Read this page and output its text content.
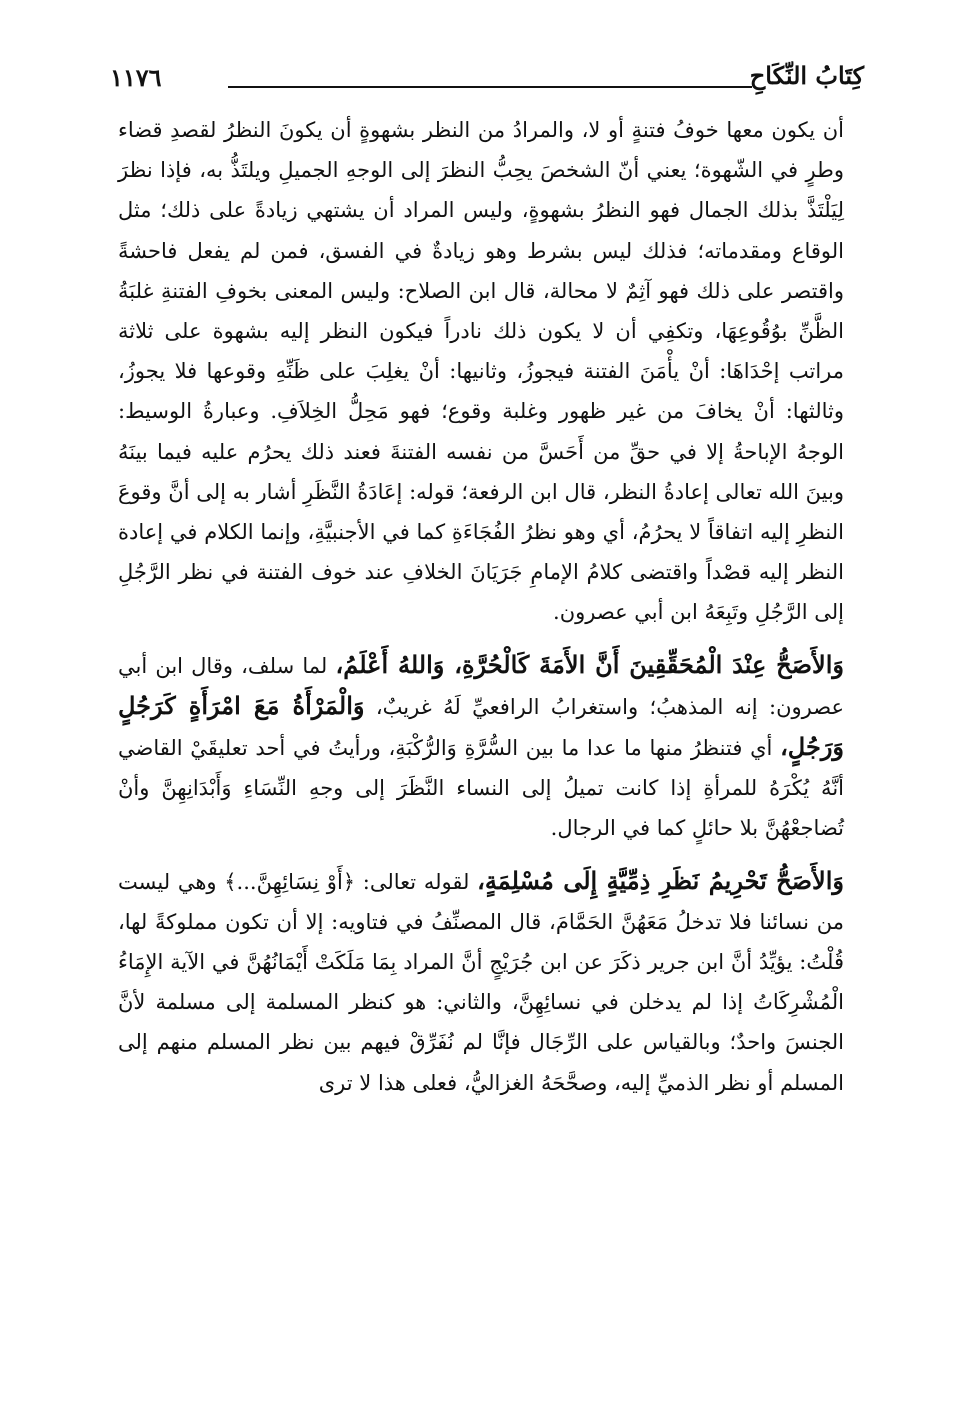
كِتَابُ النِّكَاحِ
١١٧٦

أن يكون معها خوفُ فتنةٍ أو لا، والمرادُ من النظر بشهوةٍ أن يكونَ النظرُ لقصدِ قضاء وطرٍ في الشّهوة؛ يعني أنّ الشخصَ يحِبُّ النظرَ إلى الوجهِ الجميلِ ويلتَذُّ به، فإذا نظرَ لِيَلْتَذَّ بذلك الجمال فهو النظرُ بشهوةٍ، وليس المراد أن يشتهي زيادةً على ذلك؛ مثل الوقاع ومقدماته؛ فذلك ليس بشرط وهو زيادةٌ في الفسق، فمن لم يفعل فاحشةً واقتصر على ذلك فهو آثِمٌ لا محالة، قال ابن الصلاح: وليس المعنى بخوفِ الفتنةِ غلبَةُ الظَّنِّ بوُقُوعِهَا، وتكفِي أن لا يكون ذلك نادراً فيكون النظر إليه بشهوة على ثلاثة مراتب إحْدَاهَا: أنْ يأْمَنَ الفتنة فيجوزُ، وثانيها: أنْ يغلِبَ على ظَنِّهِ وقوعها فلا يجوزُ، وثالثها: أنْ يخافَ من غير ظهور وغلبة وقوع؛ فهو مَحِلُّ الخِلاَفِ. وعبارةُ الوسيط: الوجهُ الإباحةُ إلا في حقِّ من أَحَسَّ من نفسه الفتنةَ فعند ذلك يحرُم عليه فيما بينَهُ وبينَ الله تعالى إعادةُ النظر، قال ابن الرفعة؛ قوله: إعَادَةُ النَّظَرِ أشار به إلى أنَّ وقوعَ النظرِ إليه اتفاقاً لا يحرُمُ، أي وهو نظرُ الفُجَاءَةِ كما في الأجنبيَّةِ، وإنما الكلام في إعادة النظر إليه قصْداً واقتضى كلامُ الإمامِ جَرَيَانَ الخلافِ عند خوف الفتنة في نظر الرَّجُلِ إلى الرَّجُلِ وتَبِعَهُ ابن أبي عصرون.

وَالأَصَحُّ عِنْدَ الْمُحَقِّقِينَ أَنَّ الأَمَةَ كَالْحُرَّةِ، وَاللهُ أَعْلَمُ، لما سلف، وقال ابن أبي عصرون: إنه المذهبُ؛ واستغرابُ الرافعيِّ لَهُ غريبٌ، وَالْمَرْأَةُ مَعَ امْرَأَةٍ كَرَجُلٍ وَرَجُلٍ، أي فتنظرُ منها ما عدا ما بين السُّرَّةِ وَالرُّكْبَةِ، ورأيتُ في أحد تعليقَيْ القاضي أنَّهُ يُكْرَهُ للمرأةِ إذا كانت تميلُ إلى النساء النَّظَرَ إلى وجهِ النِّسَاءِ وَأَبْدَانِهِنَّ وأنْ تُضاجعْهُنَّ بلا حائلٍ كما في الرجال.

وَالأَصَحُّ تَحْرِيمُ نَظَرِ ذِمِّيَّةٍ إِلَى مُسْلِمَةٍ، لقوله تعالى: ﴿أَوْ نِسَائِهِنَّ...﴾ وهي ليست من نسائنا فلا تدخلُ مَعَهُنَّ الحَمَّامَ، قال المصنِّفُ في فتاويه: إلا أن تكون مملوكةً لها، قُلْتُ: يؤيِّدُ أنَّ ابن جرير ذكَرَ عن ابن جُرَيْجٍ أنَّ المراد بِمَا مَلَكَتْ أَيْمَانُهُنَّ في الآية الإِمَاءُ الْمُشْرِكَاتُ إذا لم يدخلن في نسائِهِنَّ، والثاني: هو كنظر المسلمة إلى مسلمة لأنَّ الجنسَ واحدٌ؛ وبالقياس على الرِّجَال فإنَّا لم نُفَرِّقْ فيهم بين نظر المسلم منهم إلى المسلم أو نظر الذميِّ إليه، وصحَّحَهُ الغزاليُّ، فعلى هذا لا ترى
